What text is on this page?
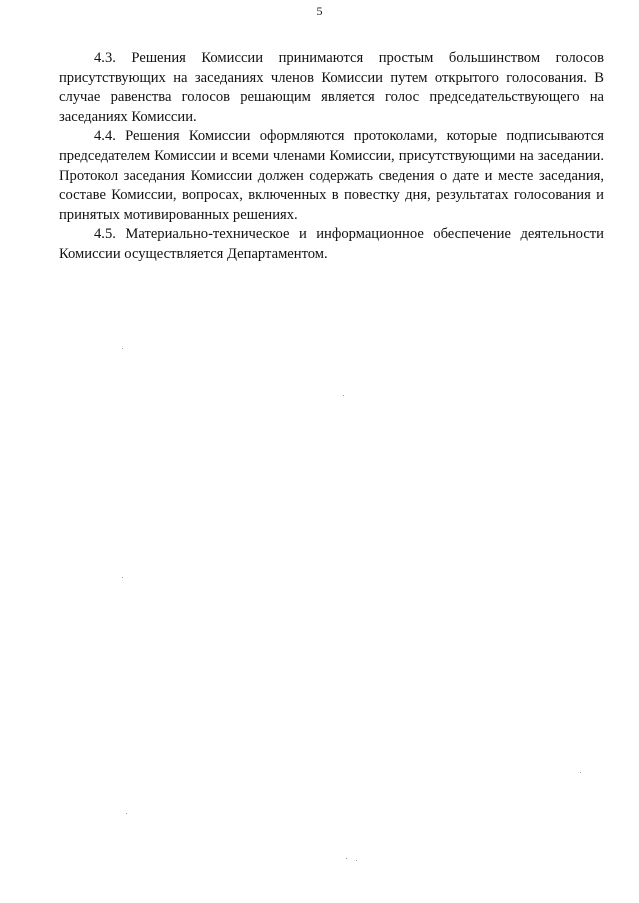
5

4.3. Решения Комиссии принимаются простым большинством голосов присутствующих на заседаниях членов Комиссии путем открытого голосования. В случае равенства голосов решающим является голос председательствующего на заседаниях Комиссии.

4.4. Решения Комиссии оформляются протоколами, которые подписываются председателем Комиссии и всеми членами Комиссии, присутствующими на заседании. Протокол заседания Комиссии должен содержать сведения о дате и месте заседания, составе Комиссии, вопросах, включенных в повестку дня, результатах голосования и принятых мотивированных решениях.

4.5. Материально-техническое и информационное обеспечение деятельности Комиссии осуществляется Департаментом.
